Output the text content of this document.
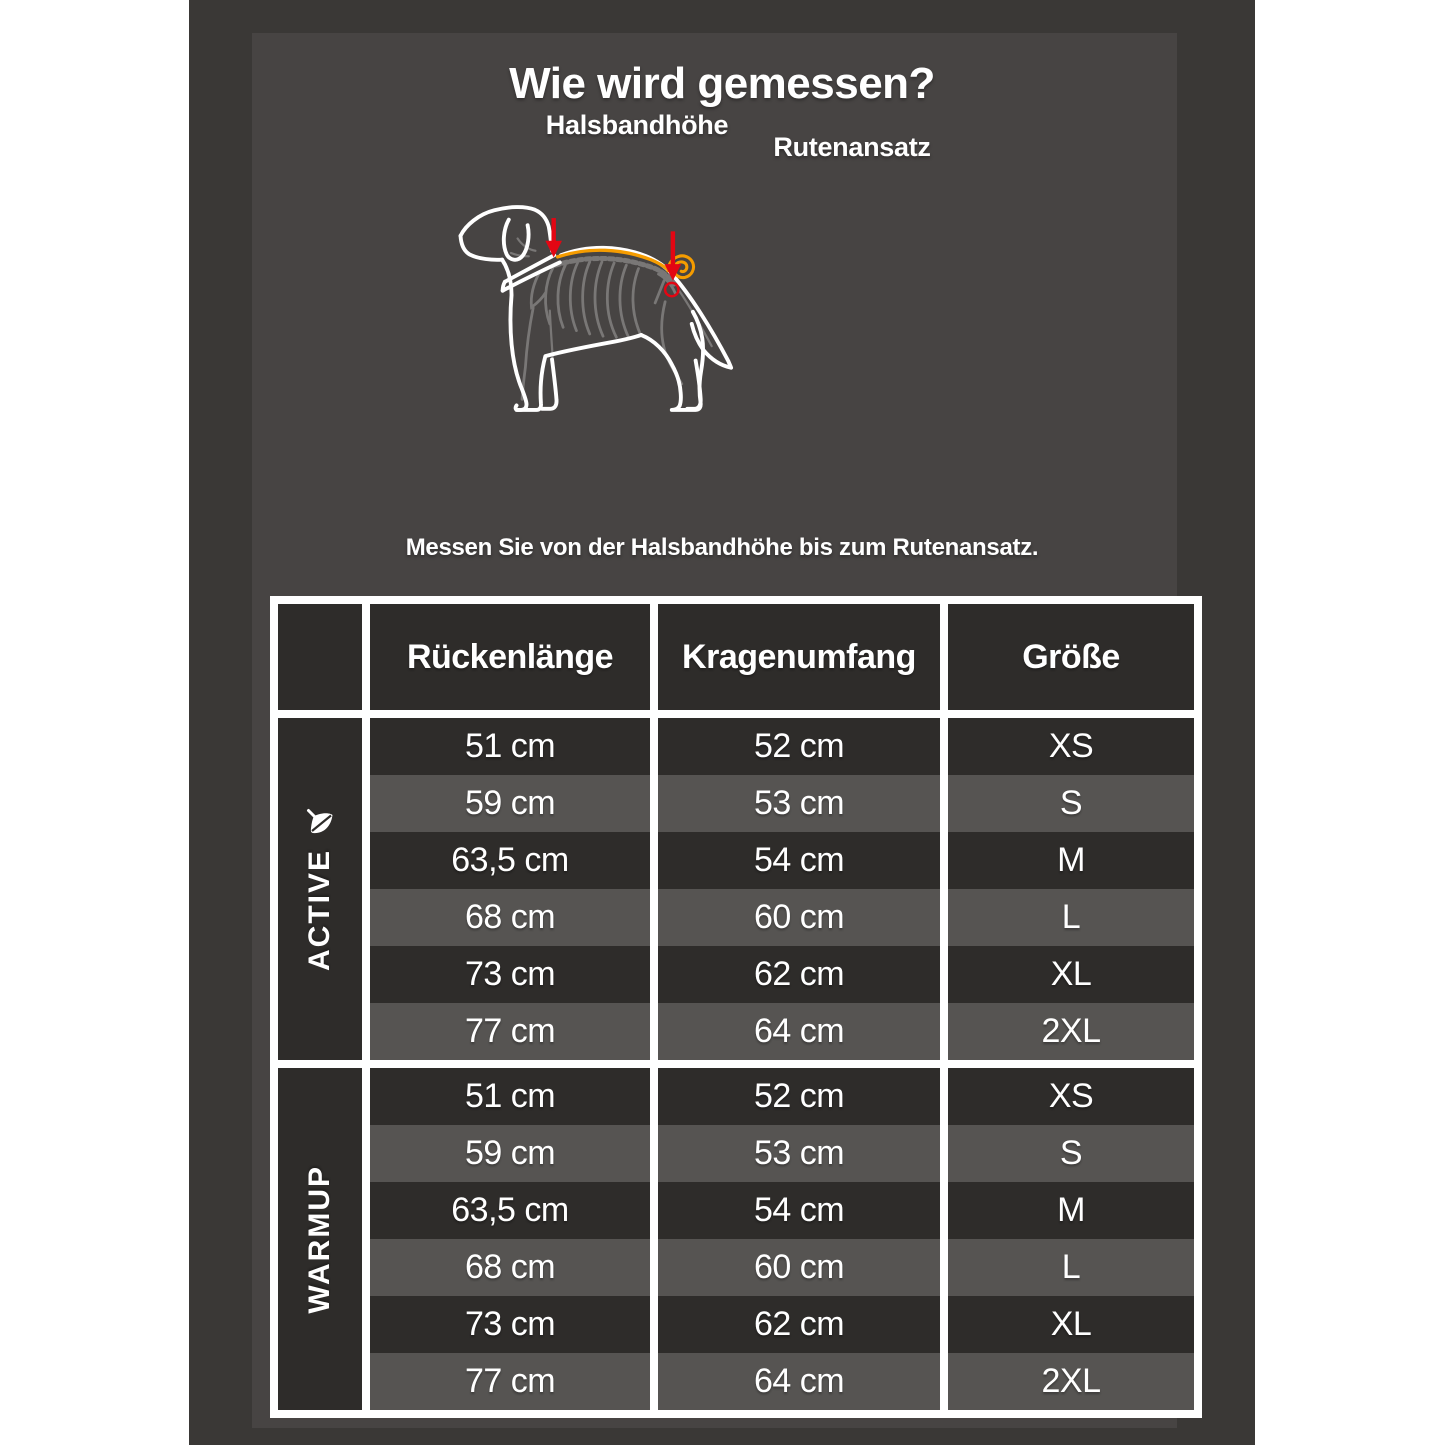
Wie wird gemessen?
Halsbandhöhe
Rutenansatz
Messen Sie von der Halsbandhöhe bis zum Rutenansatz.
Rückenlänge	Kragenumfang	Größe
ACTIVE
51 cm	52 cm	XS
59 cm	53 cm	S
63,5 cm	54 cm	M
68 cm	60 cm	L
73 cm	62 cm	XL
77 cm	64 cm	2XL
WARMUP
51 cm	52 cm	XS
59 cm	53 cm	S
63,5 cm	54 cm	M
68 cm	60 cm	L
73 cm	62 cm	XL
77 cm	64 cm	2XL
